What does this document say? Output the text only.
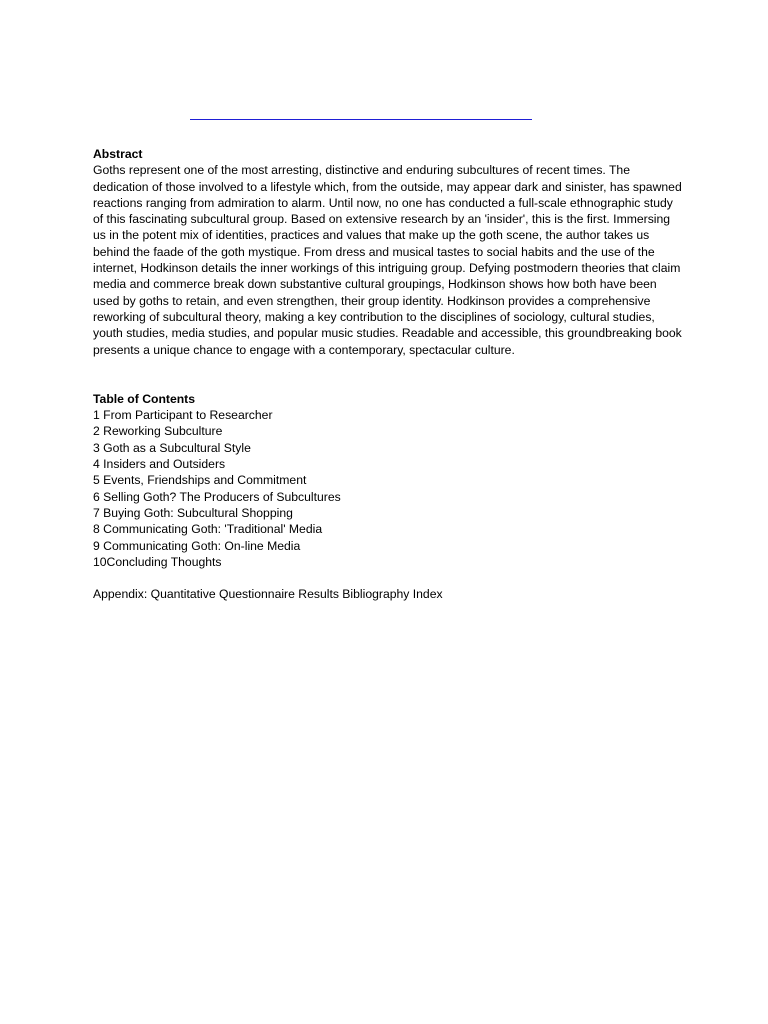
Abstract

Goths represent one of the most arresting, distinctive and enduring subcultures of recent times. The dedication of those involved to a lifestyle which, from the outside, may appear dark and sinister, has spawned reactions ranging from admiration to alarm. Until now, no one has conducted a full-scale ethnographic study of this fascinating subcultural group. Based on extensive research by an 'insider', this is the first. Immersing us in the potent mix of identities, practices and values that make up the goth scene, the author takes us behind the faade of the goth mystique. From dress and musical tastes to social habits and the use of the internet, Hodkinson details the inner workings of this intriguing group. Defying postmodern theories that claim media and commerce break down substantive cultural groupings, Hodkinson shows how both have been used by goths to retain, and even strengthen, their group identity. Hodkinson provides a comprehensive reworking of subcultural theory, making a key contribution to the disciplines of sociology, cultural studies, youth studies, media studies, and popular music studies. Readable and accessible, this groundbreaking book presents a unique chance to engage with a contemporary, spectacular culture.

Table of Contents

1 From Participant to Researcher
2 Reworking Subculture
3 Goth as a Subcultural Style
4 Insiders and Outsiders
5 Events, Friendships and Commitment
6 Selling Goth? The Producers of Subcultures
7 Buying Goth: Subcultural Shopping
8 Communicating Goth: 'Traditional' Media
9 Communicating Goth: On-line Media
10Concluding Thoughts

Appendix: Quantitative Questionnaire Results Bibliography Index
